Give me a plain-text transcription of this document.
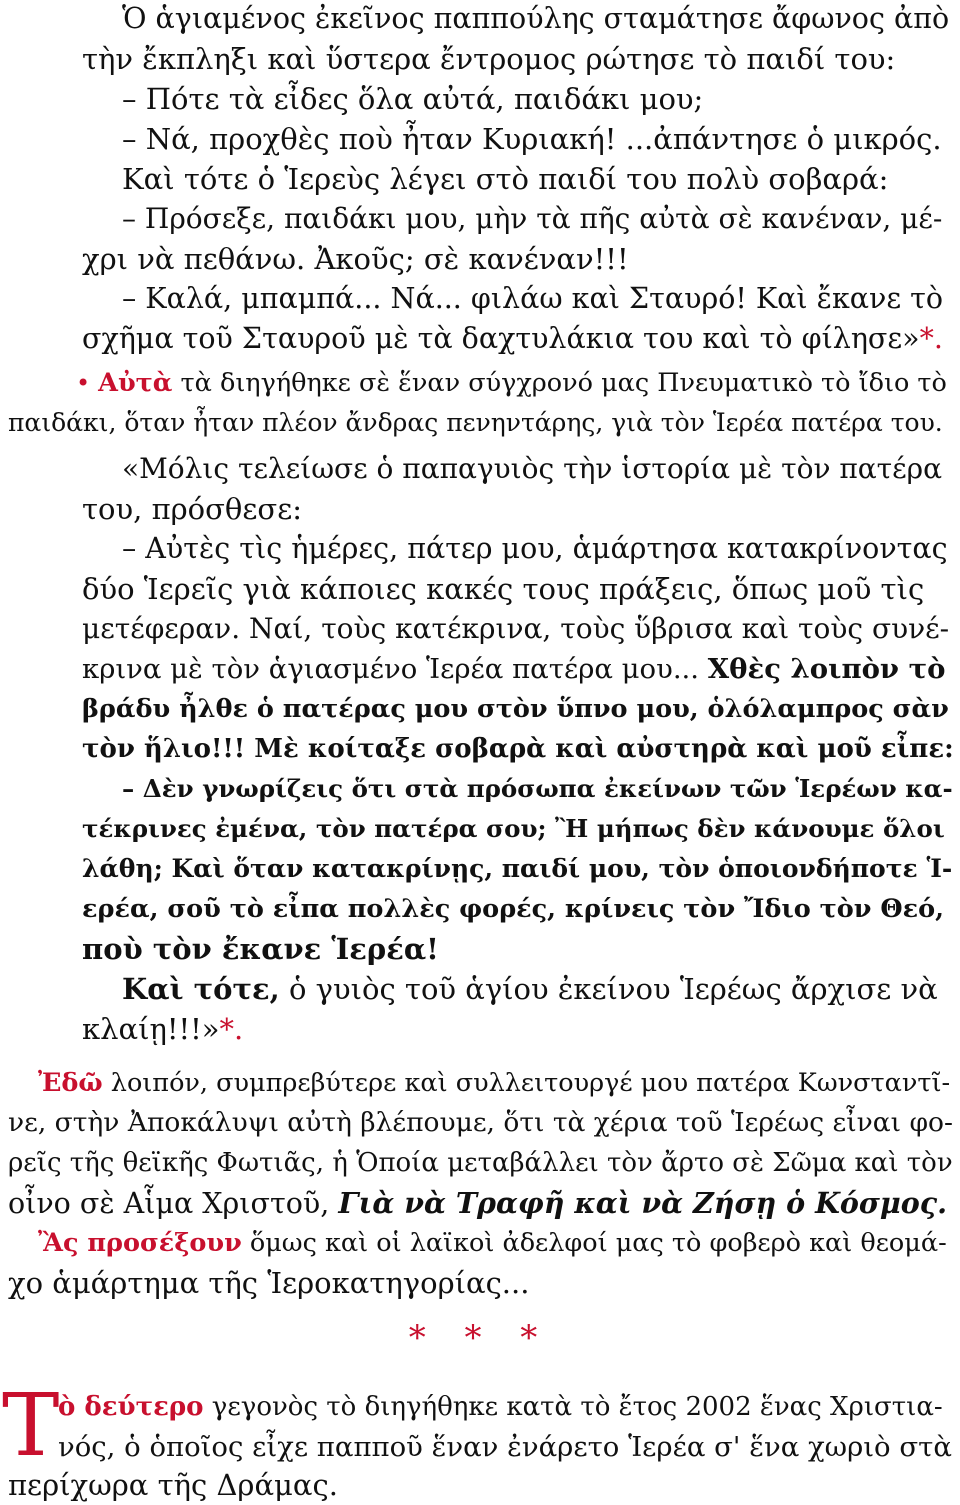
Ὁ ἁγιαμένος ἐκεῖνος παππούλης σταμάτησε ἄφωνος ἀπὸ
τὴν ἔκπληξι καὶ ὕστερα ἔντρομος ρώτησε τὸ παιδί του:
– Πότε τὰ εἶδες ὅλα αὐτά, παιδάκι μου;
– Νά, προχθὲς ποὺ ἦταν Κυριακή! ...ἀπάντησε ὁ μικρός.
Καὶ τότε ὁ Ἱερεὺς λέγει στὸ παιδί του πολὺ σοβαρά:
– Πρόσεξε, παιδάκι μου, μὴν τὰ πῆς αὐτὰ σὲ κανέναν, μέ-
χρι νὰ πεθάνω. Ἀκοῦς; σὲ κανέναν!!!
– Καλά, μπαμπά... Νά... φιλάω καὶ Σταυρό! Καὶ ἔκανε τὸ
σχῆμα τοῦ Σταυροῦ μὲ τὰ δαχτυλάκια του καὶ τὸ φίλησε»*.
• Αὐτὰ τὰ διηγήθηκε σὲ ἕναν σύγχρονό μας Πνευματικὸ τὸ ἴδιο τὸ
παιδάκι, ὅταν ἦταν πλέον ἄνδρας πενηντάρης, γιὰ τὸν Ἱερέα πατέρα του.
«Μόλις τελείωσε ὁ παπαγυιὸς τὴν ἱστορία μὲ τὸν πατέρα
του, πρόσθεσε:
– Αὐτὲς τὶς ἡμέρες, πάτερ μου, ἁμάρτησα κατακρίνοντας
δύο Ἱερεῖς γιὰ κάποιες κακές τους πράξεις, ὅπως μοῦ τὶς
μετέφεραν. Ναί, τοὺς κατέκρινα, τοὺς ὕβρισα καὶ τοὺς συνέ-
κρινα μὲ τὸν ἁγιασμένο Ἱερέα πατέρα μου... Χθὲς λοιπὸν τὸ
βράδυ ἦλθε ὁ πατέρας μου στὸν ὕπνο μου, ὁλόλαμπρος σὰν
τὸν ἥλιο!!! Μὲ κοίταξε σοβαρὰ καὶ αὐστηρὰ καὶ μοῦ εἶπε:
– Δὲν γνωρίζεις ὅτι στὰ πρόσωπα ἐκείνων τῶν Ἱερέων κα-
τέκρινες ἐμένα, τὸν πατέρα σου; Ἢ μήπως δὲν κάνουμε ὅλοι
λάθη; Καὶ ὅταν κατακρίνῃς, παιδί μου, τὸν ὁποιονδήποτε Ἱ-
ερέα, σοῦ τὸ εἶπα πολλὲς φορές, κρίνεις τὸν Ἴδιο τὸν Θεό,
ποὺ τὸν ἔκανε Ἱερέα!
Καὶ τότε, ὁ γυιὸς τοῦ ἁγίου ἐκείνου Ἱερέως ἄρχισε νὰ
κλαίῃ!!!»*.
Ἐδῶ λοιπόν, συμπρεβύτερε καὶ συλλειτουργέ μου πατέρα Κωνσταντῖ-
νε, στὴν Ἀποκάλυψι αὐτὴ βλέπουμε, ὅτι τὰ χέρια τοῦ Ἱερέως εἶναι φο-
ρεῖς τῆς θεϊκῆς Φωτιᾶς, ἡ Ὁποία μεταβάλλει τὸν ἄρτο σὲ Σῶμα καὶ τὸν
οἶνο σὲ Αἷμα Χριστοῦ, Γιὰ νὰ Τραφῆ καὶ νὰ Ζήσῃ ὁ Κόσμος.
Ἂς προσέξουν ὅμως καὶ οἱ λαϊκοὶ ἀδελφοί μας τὸ φοβερὸ καὶ θεομά-
χο ἁμάρτημα τῆς Ἱεροκατηγορίας...
* * *
Τ
ὸ δεύτερο γεγονὸς τὸ διηγήθηκε κατὰ τὸ ἔτος 2002 ἕνας Χριστια-
νός, ὁ ὁποῖος εἶχε παπποῦ ἕναν ἐνάρετο Ἱερέα σ' ἕνα χωριὸ στὰ
περίχωρα τῆς Δράμας.
